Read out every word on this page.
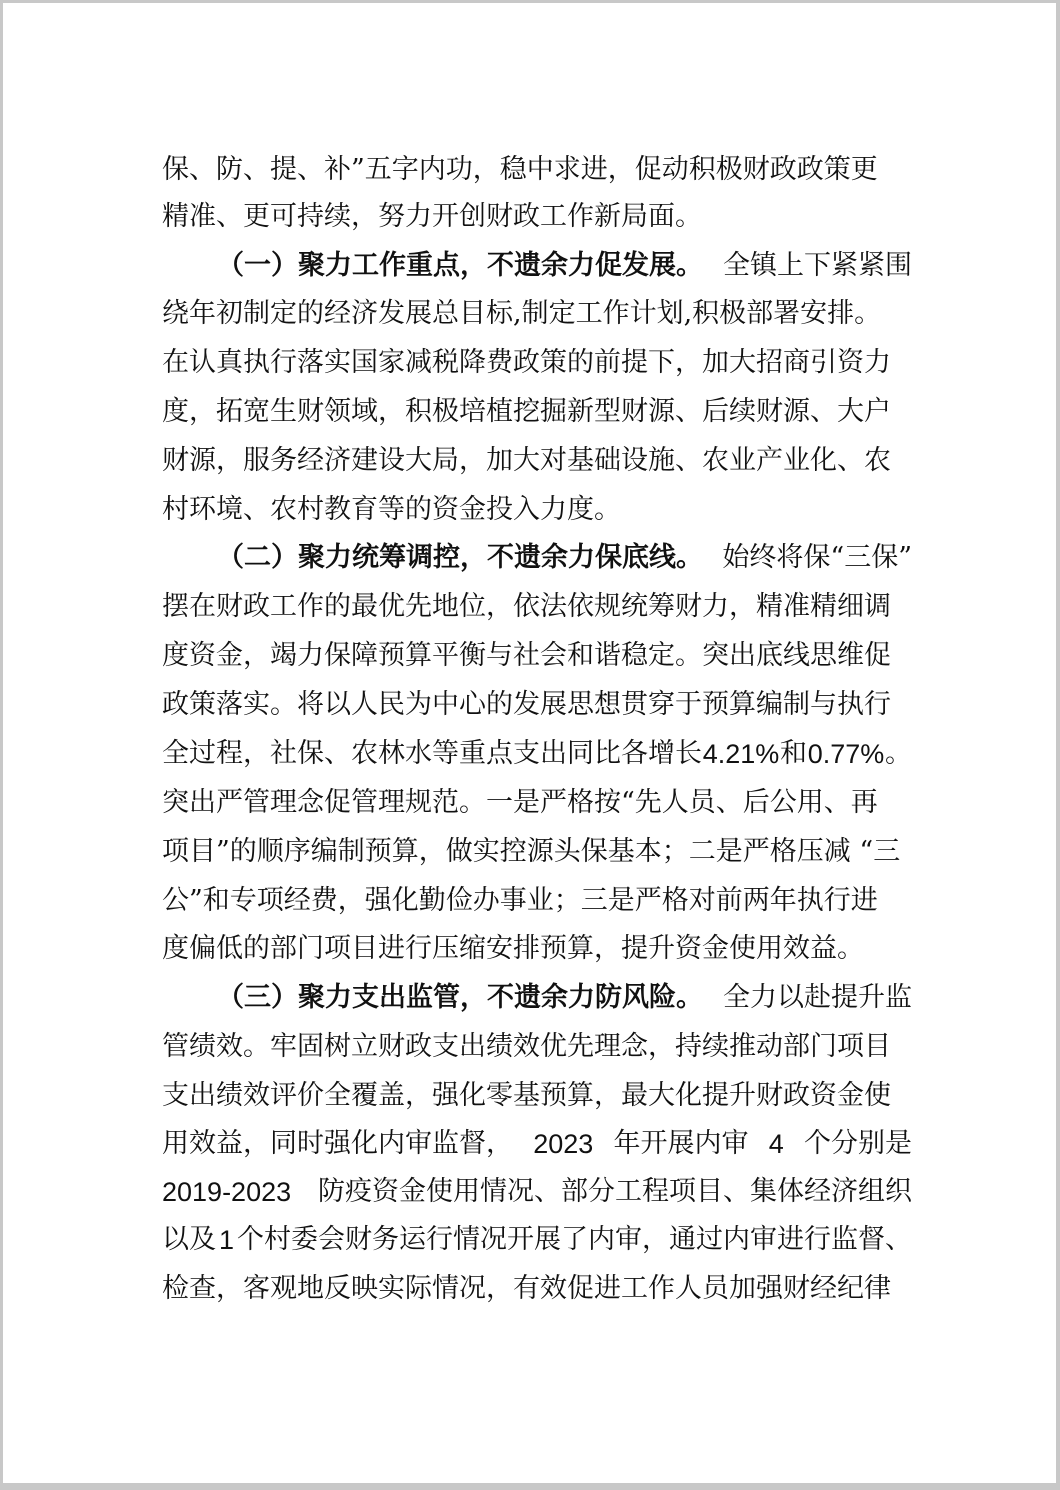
保、防、提、补”五字内功，稳中求进，促动积极财政政策更
精准、更可持续，努力开创财政工作新局面。
（一）聚力工作重点，不遗余力促发展。 全镇上下紧紧围
绕年初制定的经济发展总目标,制定工作计划,积极部署安排。
在认真执行落实国家减税降费政策的前提下，加大招商引资力
度，拓宽生财领域，积极培植挖掘新型财源、后续财源、大户
财源，服务经济建设大局，加大对基础设施、农业产业化、农
村环境、农村教育等的资金投入力度。
（二）聚力统筹调控，不遗余力保底线。 始终将保“三保”
摆在财政工作的最优先地位，依法依规统筹财力，精准精细调
度资金，竭力保障预算平衡与社会和谐稳定。突出底线思维促
政策落实。将以人民为中心的发展思想贯穿于预算编制与执行
全过程，社保、农林水等重点支出同比各增长 4.21% 和 0.77% 。
突出严管理念促管理规范。一是严格按“先人员、后公用、再
项目”的顺序编制预算，做实控源头保基本；二是严格压减 “三
公”和专项经费，强化勤俭办事业；三是严格对前两年执行进
度偏低的部门项目进行压缩安排预算，提升资金使用效益。
（三）聚力支出监管，不遗余力防风险。 全力以赴提升监
管绩效。牢固树立财政支出绩效优先理念，持续推动部门项目
支出绩效评价全覆盖，强化零基预算，最大化提升财政资金使
用效益，同时强化内审监督， 2023 年开展内审 4 个分别是
2019-2023 防疫资金使用情况、部分工程项目、集体经济组织
以及 1 个村委会财务运行情况开展了内审，通过内审进行监督、
检查，客观地反映实际情况，有效促进工作人员加强财经纪律
